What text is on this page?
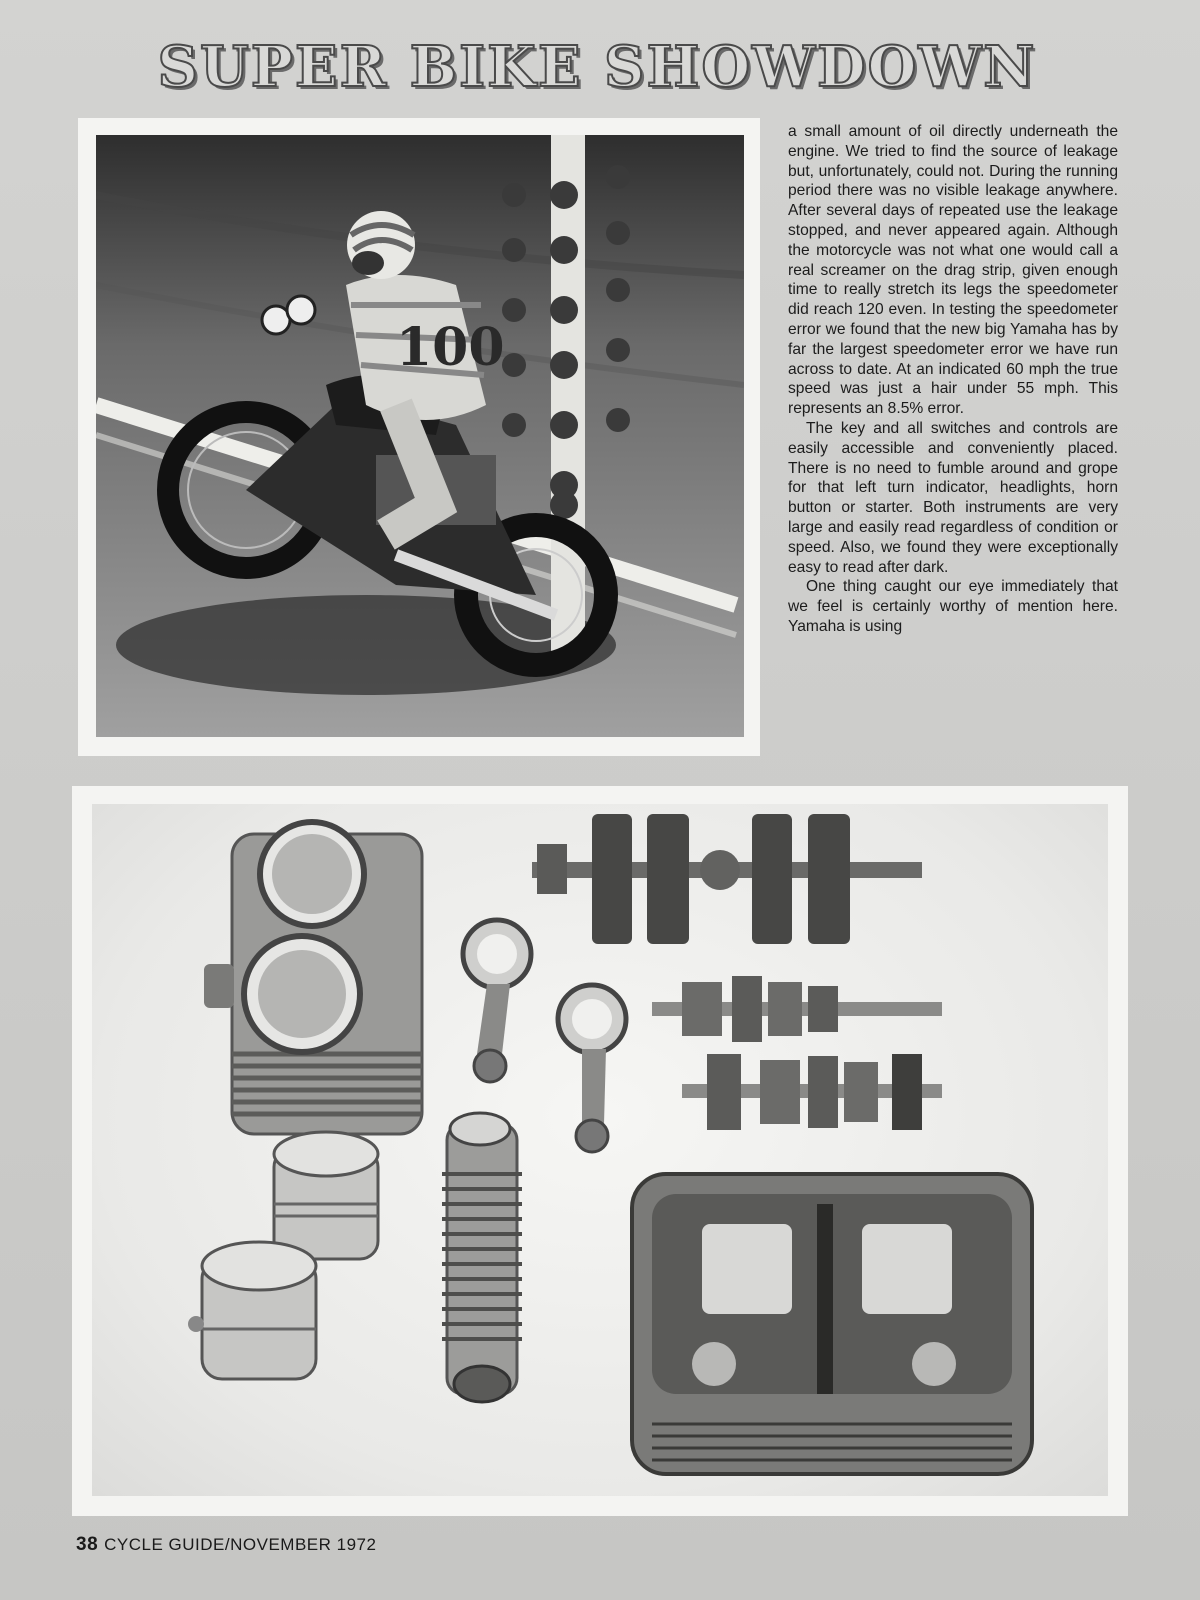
SUPER BIKE SHOWDOWN
100

a small amount of oil directly underneath the engine. We tried to find the source of leakage but, unfortunately, could not. During the running period there was no visible leakage anywhere. After several days of repeated use the leakage stopped, and never appeared again. Although the motorcycle was not what one would call a real screamer on the drag strip, given enough time to really stretch its legs the speedometer did reach 120 even. In testing the speedometer error we found that the new big Yamaha has by far the largest speedometer error we have run across to date. At an indicated 60 mph the true speed was just a hair under 55 mph. This represents an 8.5% error.

The key and all switches and controls are easily accessible and conveniently placed. There is no need to fumble around and grope for that left turn indicator, headlights, horn button or starter. Both instruments are very large and easily read regardless of condition or speed. Also, we found they were exceptionally easy to read after dark.

One thing caught our eye immediately that we feel is certainly worthy of mention here. Yamaha is using

38 CYCLE GUIDE/NOVEMBER 1972
